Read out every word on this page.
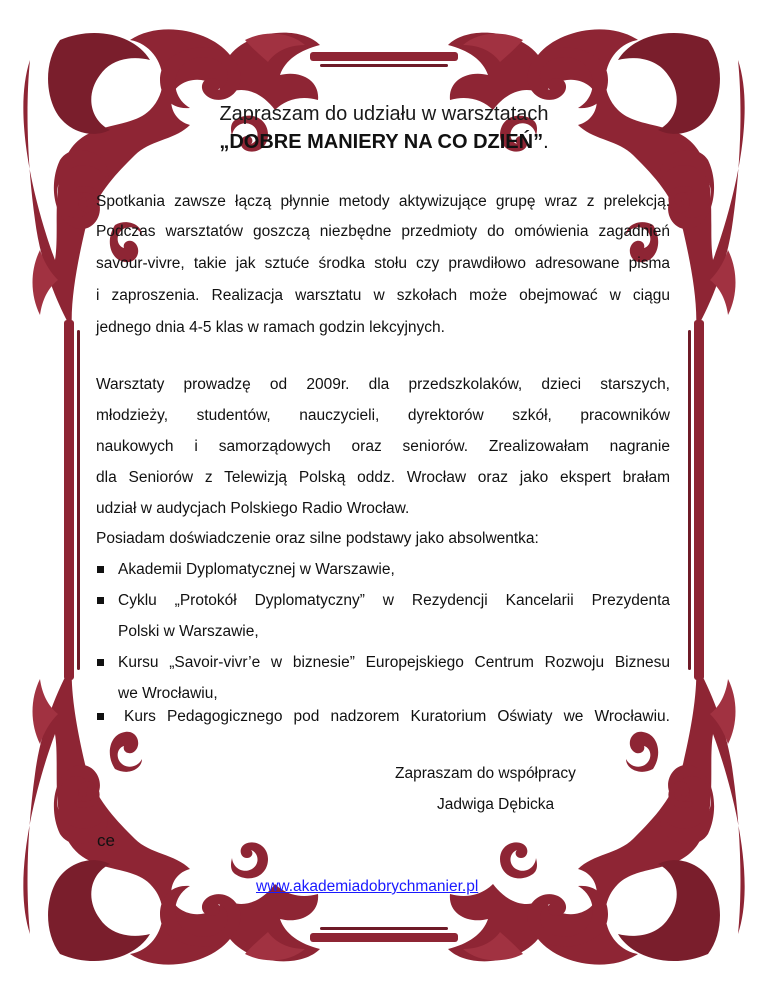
Zapraszam do udziału w warsztatach
„DOBRE MANIERY NA CO DZIEŃ”.
Spotkania zawsze łączą płynnie metody aktywizujące grupę wraz z prelekcją.
Podczas warsztatów goszczą niezbędne przedmioty do omówienia zagadnień
savour-vivre, takie jak sztuće środka stołu czy prawdiłowo adresowane pisma
i zaproszenia. Realizacja warsztatu w szkołach może obejmować w ciągu
jednego dnia 4-5 klas w ramach godzin lekcyjnych.
Warsztaty prowadzę od 2009r. dla przedszkolaków, dzieci starszych,
młodzieży, studentów, nauczycieli, dyrektorów szkół, pracowników
naukowych i samorządowych oraz seniorów. Zrealizowałam nagranie
dla Seniorów z Telewizją Polską oddz. Wrocław oraz jako ekspert brałam
udział w audycjach Polskiego Radio Wrocław.
Posiadam doświadczenie oraz silne podstawy jako absolwentka:
Akademii Dyplomatycznej w Warszawie,
Cyklu „Protokół Dyplomatyczny” w Rezydencji Kancelarii Prezydenta
Polski w Warszawie,
Kursu „Savoir-vivr’e w biznesie” Europejskiego Centrum Rozwoju Biznesu
we Wrocławiu,
Kurs Pedagogicznego pod nadzorem Kuratorium Oświaty we Wrocławiu.
Zapraszam do współpracy
Jadwiga Dębicka
ce
www.akademiadobrychmanier.pl
